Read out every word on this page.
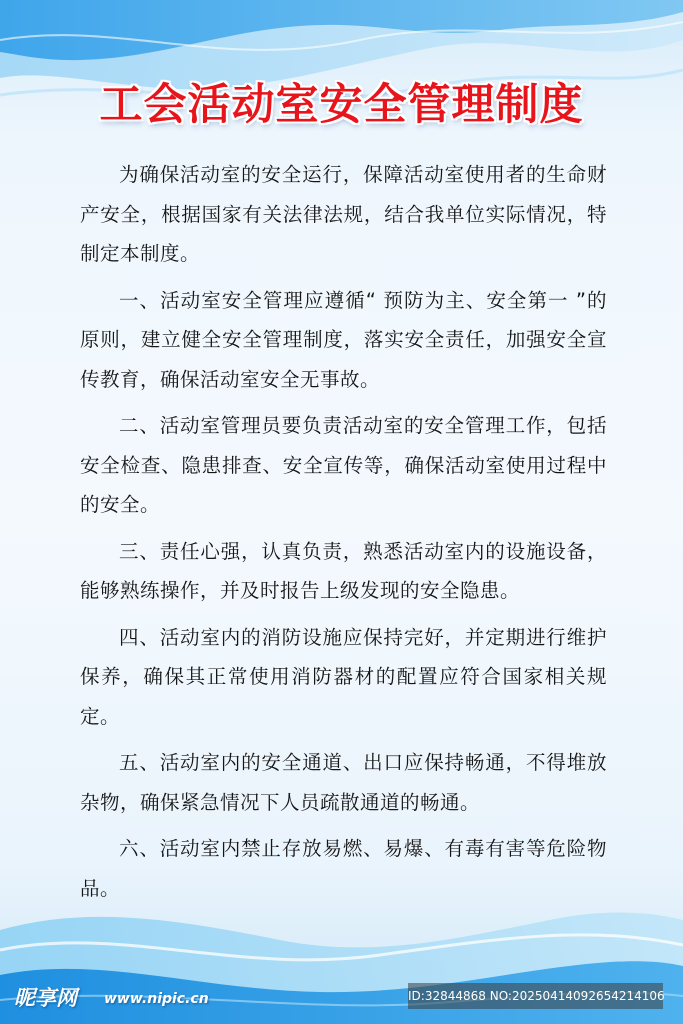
工会活动室安全管理制度

为确保活动室的安全运行，保障活动室使用者的生命财产安全，根据国家有关法律法规，结合我单位实际情况，特制定本制度。

一、活动室安全管理应遵循“ 预防为主、安全第一 ”的原则，建立健全安全管理制度，落实安全责任，加强安全宣传教育，确保活动室安全无事故。

二、活动室管理员要负责活动室的安全管理工作，包括安全检查、隐患排查、安全宣传等，确保活动室使用过程中的安全。

三、责任心强，认真负责，熟悉活动室内的设施设备，能够熟练操作，并及时报告上级发现的安全隐患。

四、活动室内的消防设施应保持完好，并定期进行维护保养，确保其正常使用消防器材的配置应符合国家相关规定。

五、活动室内的安全通道、出口应保持畅通，不得堆放杂物，确保紧急情况下人员疏散通道的畅通。

六、活动室内禁止存放易燃、易爆、有毒有害等危险物品。

昵享网 www.nipic.cn	ID:32844868 NO:20250414092654214106
